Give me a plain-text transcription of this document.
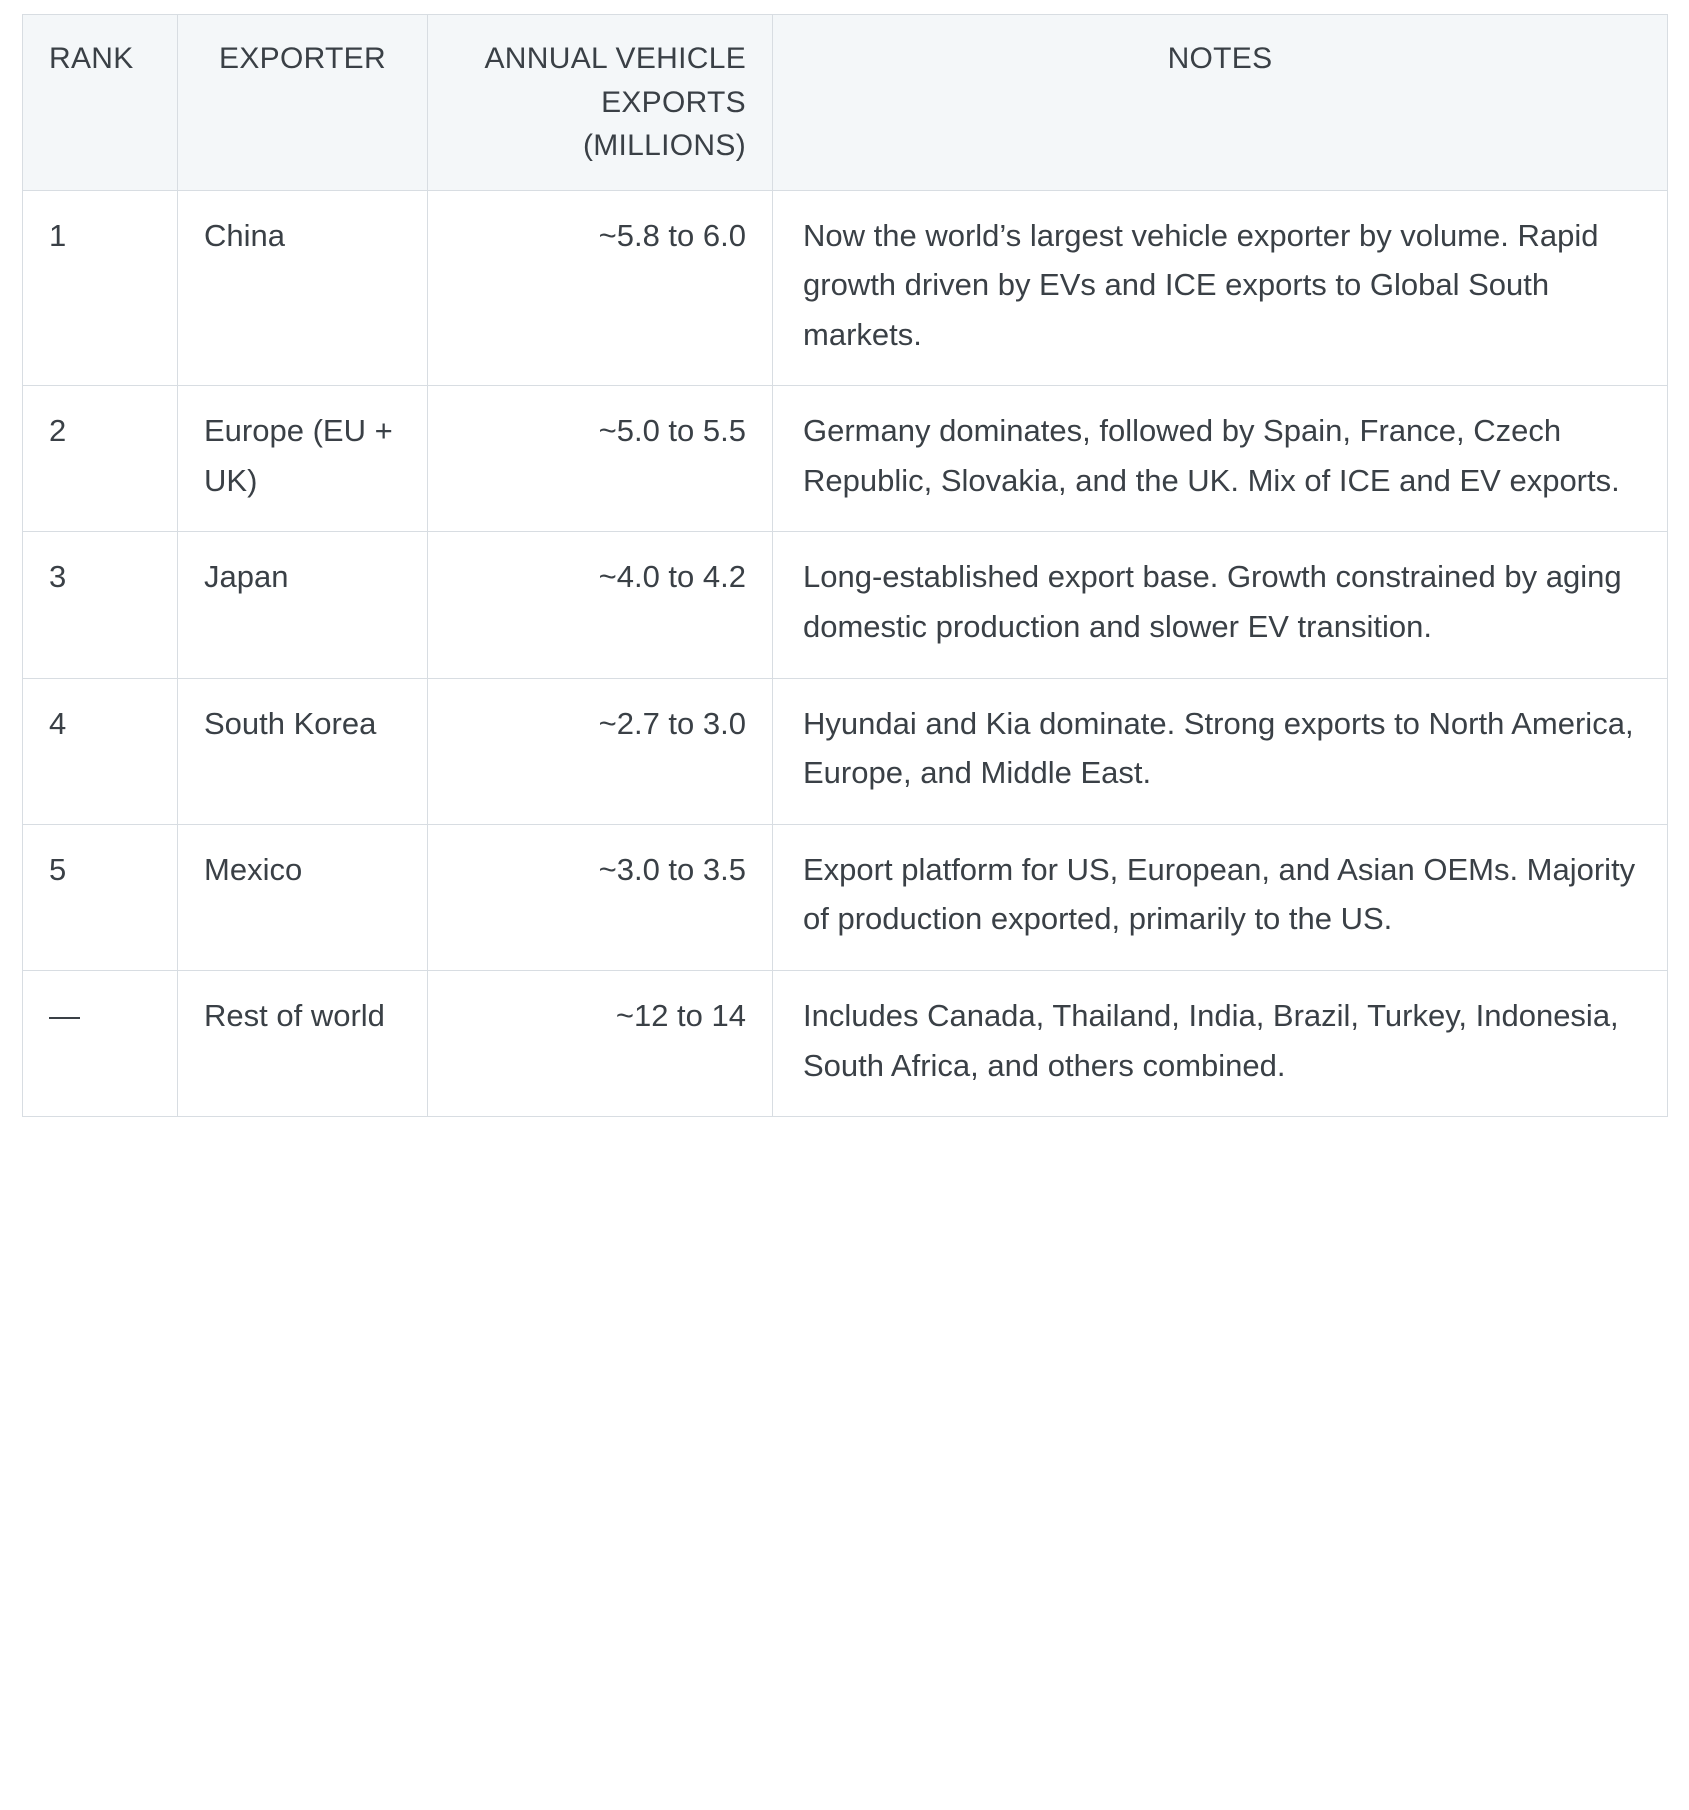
RANK	EXPORTER	ANNUAL VEHICLE EXPORTS (MILLIONS)	NOTES
1	China	~5.8 to 6.0	Now the world’s largest vehicle exporter by volume. Rapid growth driven by EVs and ICE exports to Global South markets.
2	Europe (EU + UK)	~5.0 to 5.5	Germany dominates, followed by Spain, France, Czech Republic, Slovakia, and the UK. Mix of ICE and EV exports.
3	Japan	~4.0 to 4.2	Long-established export base. Growth constrained by aging domestic production and slower EV transition.
4	South Korea	~2.7 to 3.0	Hyundai and Kia dominate. Strong exports to North America, Europe, and Middle East.
5	Mexico	~3.0 to 3.5	Export platform for US, European, and Asian OEMs. Majority of production exported, primarily to the US.
—	Rest of world	~12 to 14	Includes Canada, Thailand, India, Brazil, Turkey, Indonesia, South Africa, and others combined.
